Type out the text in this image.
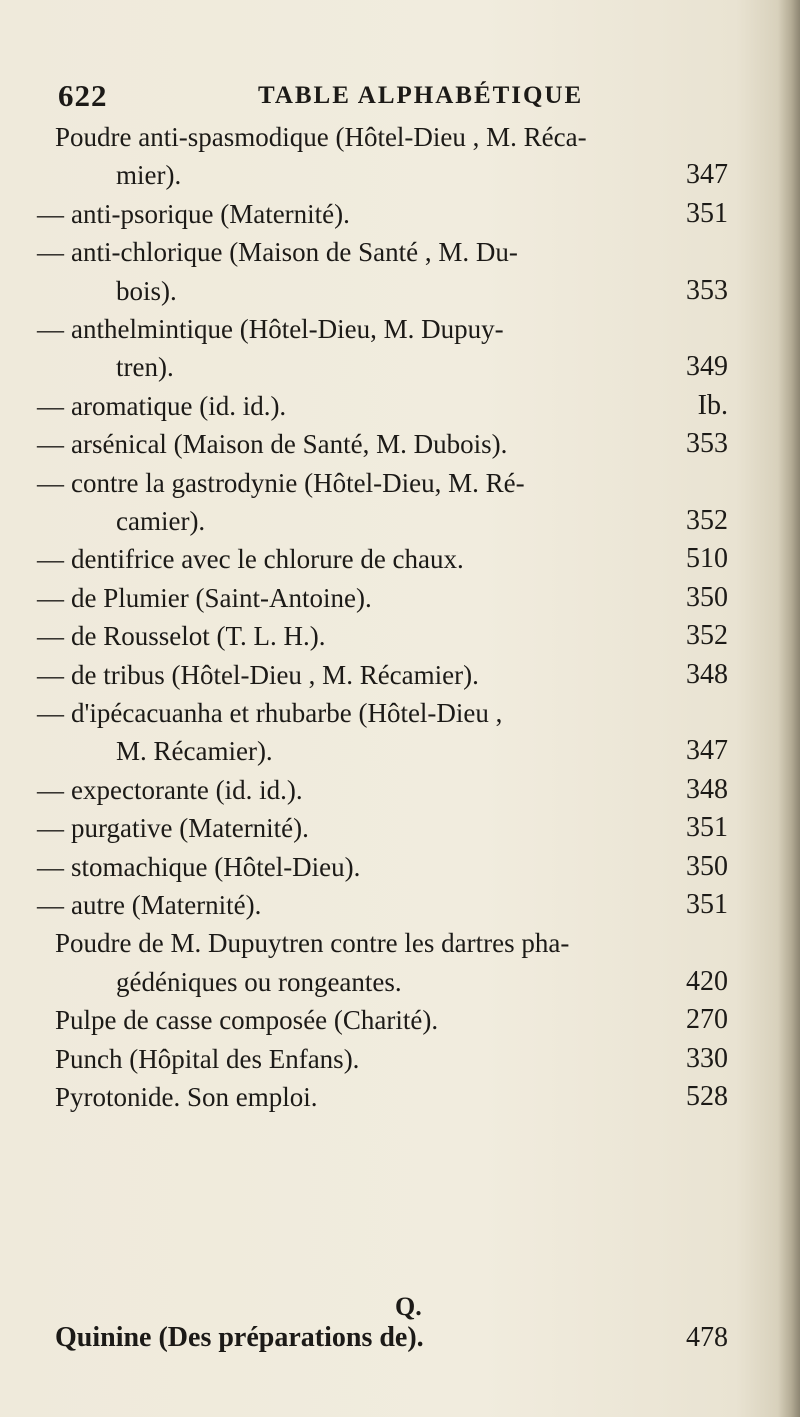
622	TABLE ALPHABÉTIQUE
Poudre anti-spasmodique (Hôtel-Dieu , M. Réca-
mier).	347
— anti-psorique (Maternité).	351
— anti-chlorique (Maison de Santé , M. Du-
bois).	353
— anthelmintique (Hôtel-Dieu, M. Dupuy-
tren).	349
— aromatique (id. id.).	Ib.
— arsénical (Maison de Santé, M. Dubois).	353
— contre la gastrodynie (Hôtel-Dieu, M. Ré-
camier).	352
— dentifrice avec le chlorure de chaux.	510
— de Plumier (Saint-Antoine).	350
— de Rousselot (T. L. H.).	352
— de tribus (Hôtel-Dieu , M. Récamier).	348
— d'ipécacuanha et rhubarbe (Hôtel-Dieu ,
M. Récamier).	347
— expectorante (id. id.).	348
— purgative (Maternité).	351
— stomachique (Hôtel-Dieu).	350
— autre (Maternité).	351
Poudre de M. Dupuytren contre les dartres pha-
gédéniques ou rongeantes.	420
Pulpe de casse composée (Charité).	270
Punch (Hôpital des Enfans).	330
Pyrotonide. Son emploi.	528
Q.
Quinine (Des préparations de).	478
